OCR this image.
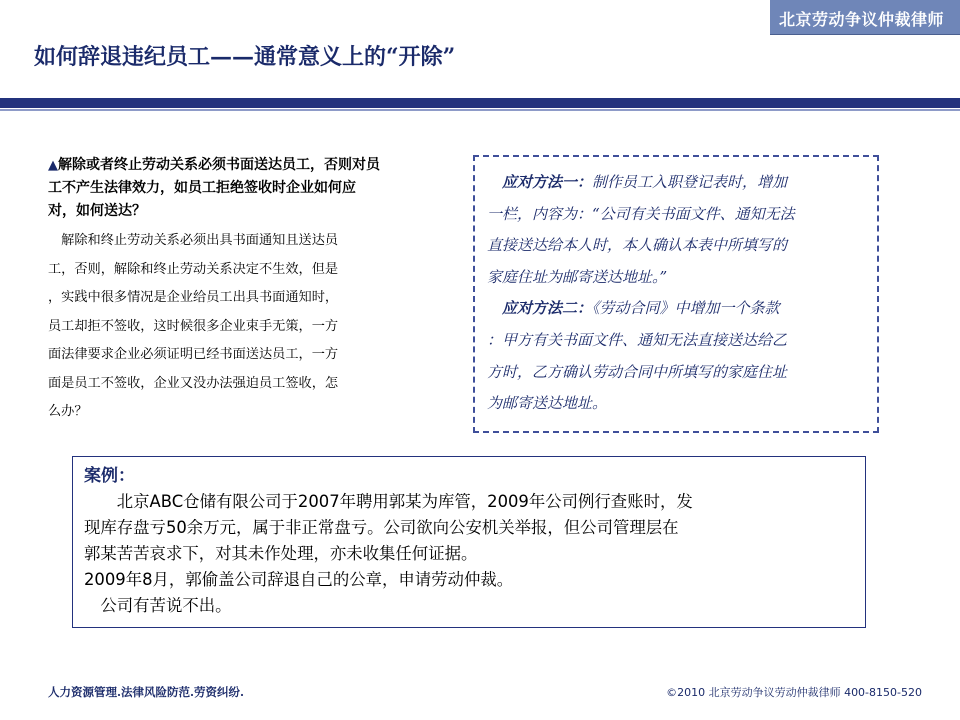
北京劳动争议仲裁律师
如何辞退违纪员工——通常意义上的“开除”
▲解除或者终止劳动关系必须书面送达员工，否则对员
工不产生法律效力，如员工拒绝签收时企业如何应
对，如何送达？
　解除和终止劳动关系必须出具书面通知且送达员
工，否则，解除和终止劳动关系决定不生效，但是
，实践中很多情况是企业给员工出具书面通知时，
员工却拒不签收，这时候很多企业束手无策，一方
面法律要求企业必须证明已经书面送达员工，一方
面是员工不签收，企业又没办法强迫员工签收，怎
么办？
　应对方法一：制作员工入职登记表时，增加
一栏，内容为：“公司有关书面文件、通知无法
直接送达给本人时，本人确认本表中所填写的
家庭住址为邮寄送达地址。”
　应对方法二：《劳动合同》中增加一个条款
：甲方有关书面文件、通知无法直接送达给乙
方时，乙方确认劳动合同中所填写的家庭住址
为邮寄送达地址。
案例：
　　北京ABC仓储有限公司于2007年聘用郭某为库管，2009年公司例行查账时，发
现库存盘亏50余万元，属于非正常盘亏。公司欲向公安机关举报，但公司管理层在
郭某苦苦哀求下，对其未作处理，亦未收集任何证据。
2009年8月，郭偷盖公司辞退自己的公章，申请劳动仲裁。
　公司有苦说不出。
人力资源管理.法律风险防范.劳资纠纷.	©2010 北京劳动争议劳动仲裁律师 400-8150-520
